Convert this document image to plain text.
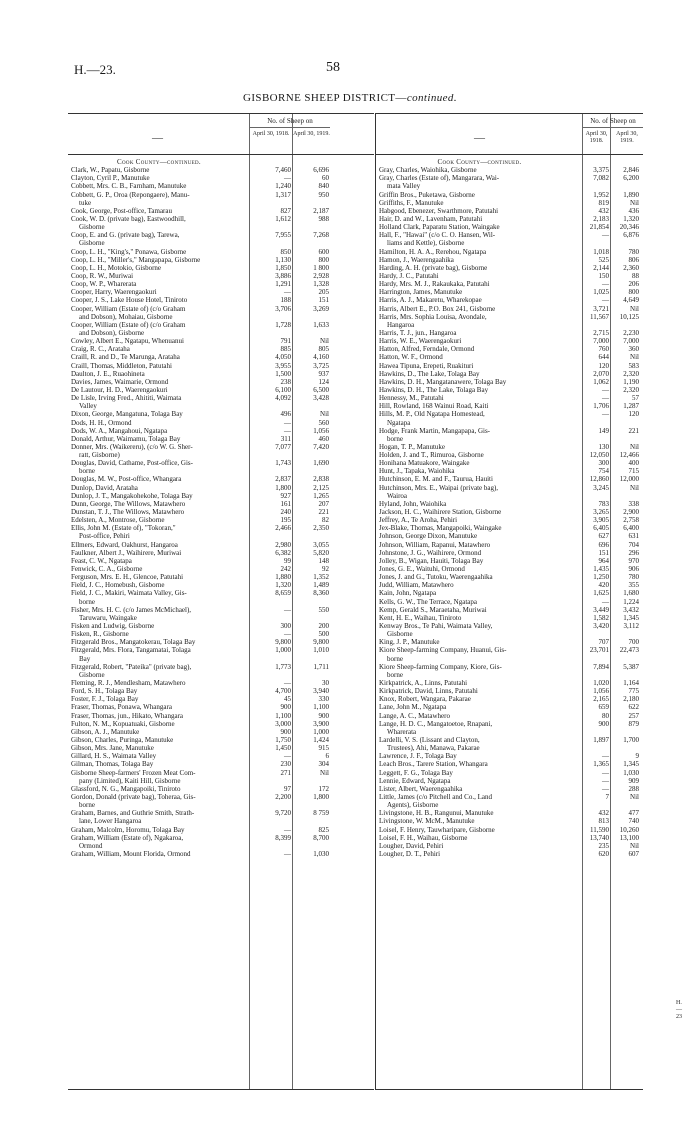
H.—23.	58
GISBORNE SHEEP DISTRICT—continued.
—
No. of Sheep on
April 30, 1918. April 30, 1919.
Cook County—continued.
Clark, W., Papatu, Gisborne	7,460	6,696
Clayton, Cyril P., Manutuke	—	60
Cobbett, Mrs. C. B., Farnham, Manutuke	1,240	840
Cobbett, G. P., Oroa (Repongaere), Manu-	1,317	950
tuke
Cook, George, Post-office, Tamarau	827	2,187
Cook, W. D. (private bag), Eastwoodhill,	1,612	988
Gisborne
Coop, E. and G. (private bag), Tarewa,	7,955	7,268
Gisborne
Coop, L. H., "King's," Ponawa, Gisborne	850	600
Coop, L. H., "Miller's," Mangapapa, Gisborne	1,130	800
Coop, L. H., Motokio, Gisborne	1,850	1 800
Coop, R. W., Muriwai	3,886	2,928
Coop, W. P., Wharerata	1,291	1,328
Cooper, Harry, Waerengaokuri	—	205
Cooper, J. S., Lake House Hotel, Tiniroto	188	151
Cooper, William (Estate of) (c/o Graham	3,706	3,269
and Dobson), Mohaiau, Gisborne
Cooper, William (Estate of) (c/o Graham	1,728	1,633
and Dobson), Gisborne
Cowley, Albert E., Ngatapu, Whenuanui	791	Nil
Craig, R. C., Arataha	885	805
Craill, R. and D., Te Marunga, Arataha	4,050	4,160
Craill, Thomas, Middleton, Patutahi	3,955	3,725
Daulton, J. E., Ruaohineta	1,500	937
Davies, James, Waimarie, Ormond	238	124
De Lautour, H. D., Waerengaokuri	6,100	6,500
De Lisle, Irving Fred., Ahititi, Waimata	4,092	3,428
Valley
Dixon, George, Mangatuna, Tolaga Bay	496	Nil
Dods, H. H., Ormond	—	560
Dods, W. A., Mangahoui, Ngatapa	—	1,056
Donald, Arthur, Waimamu, Tolaga Bay	311	460
Donner, Mrs. (Waikereru), (c/o W. G. Sher-	7,077	7,420
ratt, Gisborne)
Douglas, David, Cathame, Post-office, Gis-	1,743	1,690
borne
Douglas, M. W., Post-office, Whangara	2,837	2,838
Dunlop, David, Arataha	1,800	2,125
Dunlop, J. T., Mangakohekohe, Tolaga Bay	927	1,265
Dunn, George, The Willows, Matawhero	161	207
Dunstan, T. J., The Willows, Matawhero	240	221
Edelsten, A., Montrose, Gisborne	195	82
Ellis, John M. (Estate of), "Tokoran,"	2,466	2,350
Post-office, Pehiri
Ellmers, Edward, Oakhurst, Hangaroa	2,980	3,055
Faulkner, Albert J., Waihirere, Muriwai	6,382	5,820
Feast, C. W., Ngatapa	99	148
Fenwick, C. A., Gisborne	242	92
Ferguson, Mrs. E. H., Glencoe, Patutahi	1,880	1,352
Field, J. C., Homebush, Gisborne	1,320	1,489
Field, J. C., Makiri, Waimata Valley, Gis-	8,659	8,360
borne
Fisher, Mrs. H. C. (c/o James McMichael),	—	550
Taruwaru, Waingake
Fisken and Ludwig, Gisborne	300	200
Fisken, R., Gisborne	—	500
Fitzgerald Bros., Mangatokerau, Tolaga Bay	9,800	9,800
Fitzgerald, Mrs. Flora, Tangamatai, Tolaga	1,000	1,010
Bay
Fitzgerald, Robert, "Pateika" (private bag),	1,773	1,711
Gisborne
Fleming, R. J., Mendlesham, Matawhero	—	30
Ford, S. H., Tolaga Bay	4,700	3,940
Foster, F. J., Tolaga Bay	45	330
Fraser, Thomas, Ponawa, Whangara	900	1,100
Fraser, Thomas, jun., Hikato, Whangara	1,100	900
Fulton, N. M., Kopuatuaki, Gisborne	3,000	3,900
Gibson, A. J., Manutuke	900	1,000
Gibson, Charles, Puringa, Manutuke	1,750	1,424
Gibson, Mrs. Jane, Manutuke	1,450	915
Gillard, H. S., Waimata Valley	—	6
Gilman, Thomas, Tolaga Bay	230	304
Gisborne Sheep-farmers' Frozen Meat Com-	271	Nil
pany (Limited), Kaiti Hill, Gisborne
Glassford, N. G., Mangapoiki, Tiniroto	97	172
Gordon, Donald (private bag), Toheraa, Gis-	2,200	1,800
borne
Graham, Barnes, and Guthrie Smith, Strath-	9,720	8 759
lane, Lower Hangaroa
Graham, Malcolm, Horomu, Tolaga Bay	—	825
Graham, William (Estate of), Ngakaroa,	8,399	8,700
Ormond
Graham, William, Mount Florida, Ormond	—	1,030
—
No. of Sheep on
April 30, 1918.
April 30, 1919.
Cook County—continued.
Gray, Charles, Waiohika, Gisborne	3,375	2,846
Gray, Charles (Estate of), Mangarara, Wai-	7,082	6,200
mata Valley
Griffin Bros., Puketawa, Gisborne	1,952	1,890
Griffiths, F., Manutuke	819	Nil
Habgood, Ebenezer, Swarthmore, Patutahi	432	436
Hair, D. and W., Lavenham, Patutahi	2,183	1,320
Holland Clark, Paparatu Station, Waingake	21,854	20,346
Hall, F., "Hawai" (c/o C. O. Hansen, Wil-	—	6,876
liams and Kettle), Gisborne
Hamilton, H. A. A., Rerehou, Ngatapa	1,018	780
Hamon, J., Waerengaahika	525	806
Harding, A. H. (private bag), Gisborne	2,144	2,360
Hardy, J. C., Patutahi	150	88
Hardy, Mrs. M. J., Rakaukaka, Patutahi	—	206
Harrington, James, Manutuke	1,025	800
Harris, A. J., Makaretu, Wharekopae	—	4,649
Harris, Albert E., P.O. Box 241, Gisborne	3,721	Nil
Harris, Mrs. Sophia Louisa, Avondale,	11,567	10,125
Hangaroa
Harris, T. J., jun., Hangaroa	2,715	2,230
Harris, W. E., Waerengaokuri	7,000	7,000
Hatton, Alfred, Ferndale, Ormond	760	360
Hatton, W. F., Ormond	644	Nil
Hawea Tipuna, Erepeti, Ruakituri	120	583
Hawkins, D., The Lake, Tolaga Bay	2,070	2,320
Hawkins, D. H., Mangatanawere, Tolaga Bay	1,062	1,190
Hawkins, D. H., The Lake, Tolaga Bay	—	2,320
Hennessy, M., Patutahi	—	57
Hill, Rowland, 168 Wainui Road, Kaiti	1,706	1,287
Hills, M. P., Old Ngatapa Homestead,	—	120
Ngatapa
Hodge, Frank Martin, Mangapapa, Gis-	149	221
borne
Hogan, T. P., Manutuke	130	Nil
Holden, J. and T., Rimuroa, Gisborne	12,050	12,466
Honihana Matuakore, Waingake	300	400
Hunt, J., Tapaka, Waiohika	754	715
Hutchinson, E. M. and F., Taurua, Hauiti	12,860	12,000
Hutchinson, Mrs. E., Waipai (private bag),	3,245	Nil
Wairoa
Hyland, John, Waiohika	783	338
Jackson, H. C., Waihirere Station, Gisborne	3,265	2,900
Jeffrey, A., Te Aroha, Pehiri	3,905	2,758
Jex-Blake, Thomas, Mangapoiki, Waingake	6,405	6,400
Johnson, George Dixon, Manutuke	627	631
Johnson, William, Rapanui, Matawhero	696	704
Johnstone, J. G., Waihirere, Ormond	151	296
Jolley, B., Wigan, Hauiti, Tolaga Bay	964	970
Jones, G. E., Waituhi, Ormond	1,435	906
Jones, J. and G., Tutoku, Waerengaahika	1,250	780
Judd, William, Matawhero	420	355
Kain, John, Ngatapa	1,625	1,680
Kells, G. W., The Terrace, Ngatapa	—	1,224
Kemp, Gerald S., Maraetaha, Muriwai	3,449	3,432
Kent, H. E., Waihau, Tiniroto	1,582	1,345
Kenway Bros., Te Pahi, Waimata Valley,	3,420	3,112
Gisborne
King, J. P., Manutuke	707	700
Kiore Sheep-farming Company, Huanui, Gis-	23,701	22,473
borne
Kiore Sheep-farming Company, Kiore, Gis-	7,894	5,387
borne
Kirkpatrick, A., Linns, Patutahi	1,020	1,164
Kirkpatrick, David, Linns, Patutahi	1,056	775
Knox, Robert, Wangara, Pakarae	2,165	2,180
Lane, John M., Ngatapa	659	622
Lange, A. C., Matawhero	80	257
Lange, H. D. C., Mangatoetoe, Rnapani,	900	879
Wharerata
Lardelli, V. S. (Lissant and Clayton,	1,897	1,700
Trustees), Ahi, Manawa, Pakarae
Lawrence, J. F., Tolaga Bay	—	9
Leach Bros., Tarere Station, Whangara	1,365	1,345
Leggett, F. G., Tolaga Bay	—	1,030
Lennie, Edward, Ngatapa	—	909
Lister, Albert, Waerengaahika	—	288
Little, James (c/o Pitchell and Co., Land	7	Nil
Agents), Gisborne
Livingstone, H. B., Rangunui, Manutuke	432	477
Livingstone, W. McM., Manutuke	813	740
Loisel, F. Henry, Tauwharipare, Gisborne	11,590	10,260
Loisel, F. H., Waihau, Gisborne	13,740	13,100
Lougher, David, Pehiri	235	Nil
Lougher, D. T., Pehiri	620	607
H.—23
